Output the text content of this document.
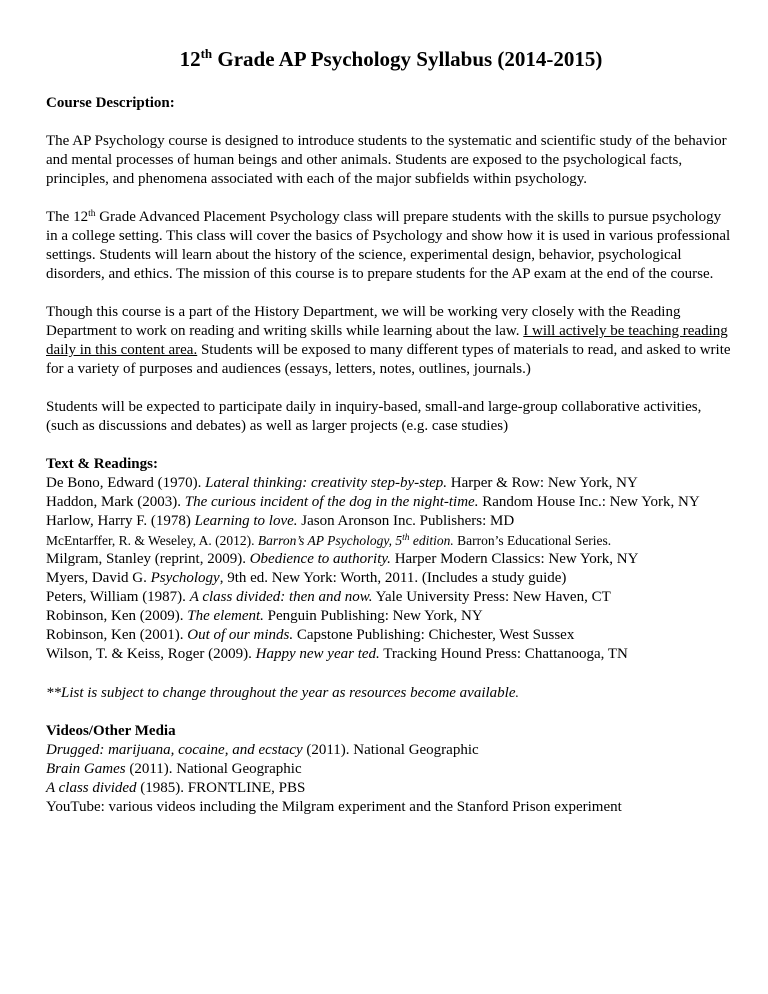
12th Grade AP Psychology Syllabus (2014-2015)
Course Description:

The AP Psychology course is designed to introduce students to the systematic and scientific study of the behavior and mental processes of human beings and other animals. Students are exposed to the psychological facts, principles, and phenomena associated with each of the major subfields within psychology.

The 12th Grade Advanced Placement Psychology class will prepare students with the skills to pursue psychology in a college setting. This class will cover the basics of Psychology and show how it is used in various professional settings. Students will learn about the history of the science, experimental design, behavior, psychological disorders, and ethics. The mission of this course is to prepare students for the AP exam at the end of the course.

Though this course is a part of the History Department, we will be working very closely with the Reading Department to work on reading and writing skills while learning about the law. I will actively be teaching reading daily in this content area. Students will be exposed to many different types of materials to read, and asked to write for a variety of purposes and audiences (essays, letters, notes, outlines, journals.)

Students will be expected to participate daily in inquiry-based, small-and large-group collaborative activities, (such as discussions and debates) as well as larger projects (e.g. case studies)

Text & Readings:
De Bono, Edward (1970). Lateral thinking: creativity step-by-step. Harper & Row: New York, NY
Haddon, Mark (2003). The curious incident of the dog in the night-time. Random House Inc.: New York, NY
Harlow, Harry F. (1978) Learning to love. Jason Aronson Inc. Publishers: MD
McEntarffer, R. & Weseley, A. (2012). Barron’s AP Psychology, 5th edition. Barron’s Educational Series.
Milgram, Stanley (reprint, 2009). Obedience to authority. Harper Modern Classics: New York, NY
Myers, David G. Psychology, 9th ed. New York: Worth, 2011. (Includes a study guide)
Peters, William (1987). A class divided: then and now. Yale University Press: New Haven, CT
Robinson, Ken (2009). The element. Penguin Publishing: New York, NY
Robinson, Ken (2001). Out of our minds. Capstone Publishing: Chichester, West Sussex
Wilson, T. & Keiss, Roger (2009). Happy new year ted. Tracking Hound Press: Chattanooga, TN
**List is subject to change throughout the year as resources become available.
Videos/Other Media
Drugged: marijuana, cocaine, and ecstacy (2011). National Geographic
Brain Games (2011). National Geographic
A class divided (1985). FRONTLINE, PBS
YouTube: various videos including the Milgram experiment and the Stanford Prison experiment
